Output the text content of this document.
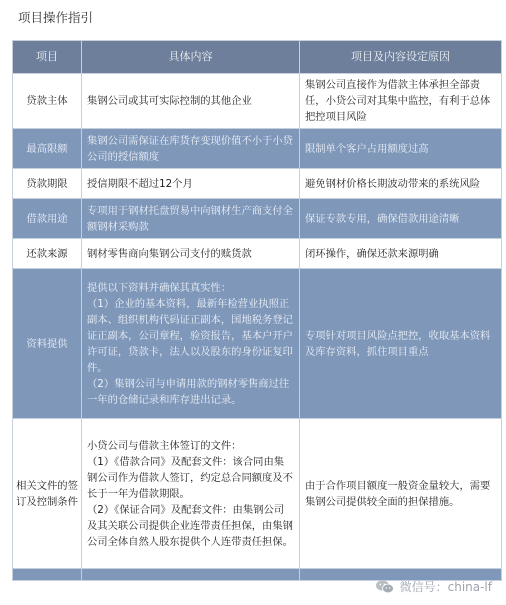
项目操作指引
项目	具体内容	项目及内容设定原因
贷款主体	集钢公司或其可实际控制的其他企业	集钢公司直接作为借款主体承担全部责任，小贷公司对其集中监控，有利于总体把控项目风险
最高限额	集钢公司需保证在库货存变现价值不小于小贷公司的授信额度	限制单个客户占用额度过高
贷款期限	授信期限不超过12个月	避免钢材价格长期波动带来的系统风险
借款用途	专项用于钢材托盘贸易中向钢材生产商支付全额钢材采购款	保证专款专用，确保借款用途清晰
还款来源	钢材零售商向集钢公司支付的赎货款	闭环操作，确保还款来源明确
资料提供	提供以下资料并确保其真实性：
（1）企业的基本资料，最新年检营业执照正副本、组织机构代码证正副本，国地税务登记证正副本，公司章程，验资报告，基本户开户许可证，贷款卡，法人以及股东的身份证复印件。
（2）集钢公司与申请用款的钢材零售商过往一年的仓储记录和库存进出记录。	专项针对项目风险点把控，收取基本资料及库存资料，抓住项目重点
相关文件的签订及控制条件	小贷公司与借款主体签订的文件：
（1）《借款合同》及配套文件：该合同由集钢公司作为借款人签订，约定总合同额度及不长于一年为借款期限。
（2）《保证合同》及配套文件：由集钢公司及其关联公司提供企业连带责任担保，由集钢公司全体自然人股东提供个人连带责任担保。	由于合作项目额度一般资金量较大，需要集钢公司提供较全面的担保措施。

微信号：china-lf
